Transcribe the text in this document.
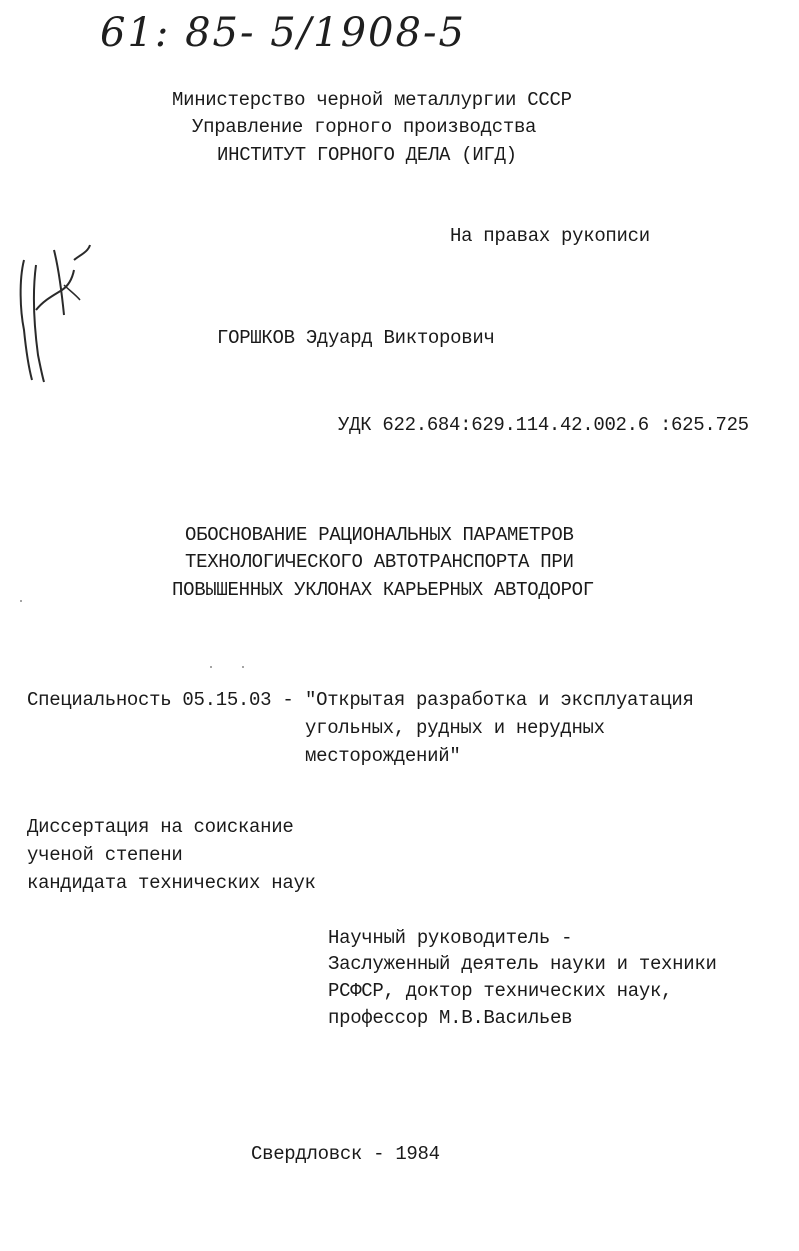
61: 85- 5/1908-5
Министерство черной металлургии СССР
Управление горного производства
ИНСТИТУТ ГОРНОГО ДЕЛА (ИГД)
На правах рукописи
ГОРШКОВ Эдуард Викторович
УДК 622.684:629.114.42.002.6 :625.725
ОБОСНОВАНИЕ РАЦИОНАЛЬНЫХ ПАРАМЕТРОВ
ТЕХНОЛОГИЧЕСКОГО АВТОТРАНСПОРТА ПРИ
ПОВЫШЕННЫХ УКЛОНАХ КАРЬЕРНЫХ АВТОДОРОГ
Специальность 05.15.03 - "Открытая разработка и эксплуатация
угольных, рудных и нерудных
месторождений"
Диссертация на соискание
ученой степени
кандидата технических наук
Научный руководитель -
Заслуженный деятель науки и техники
РСФСР, доктор технических наук,
профессор М.В.Васильев
Свердловск - 1984
